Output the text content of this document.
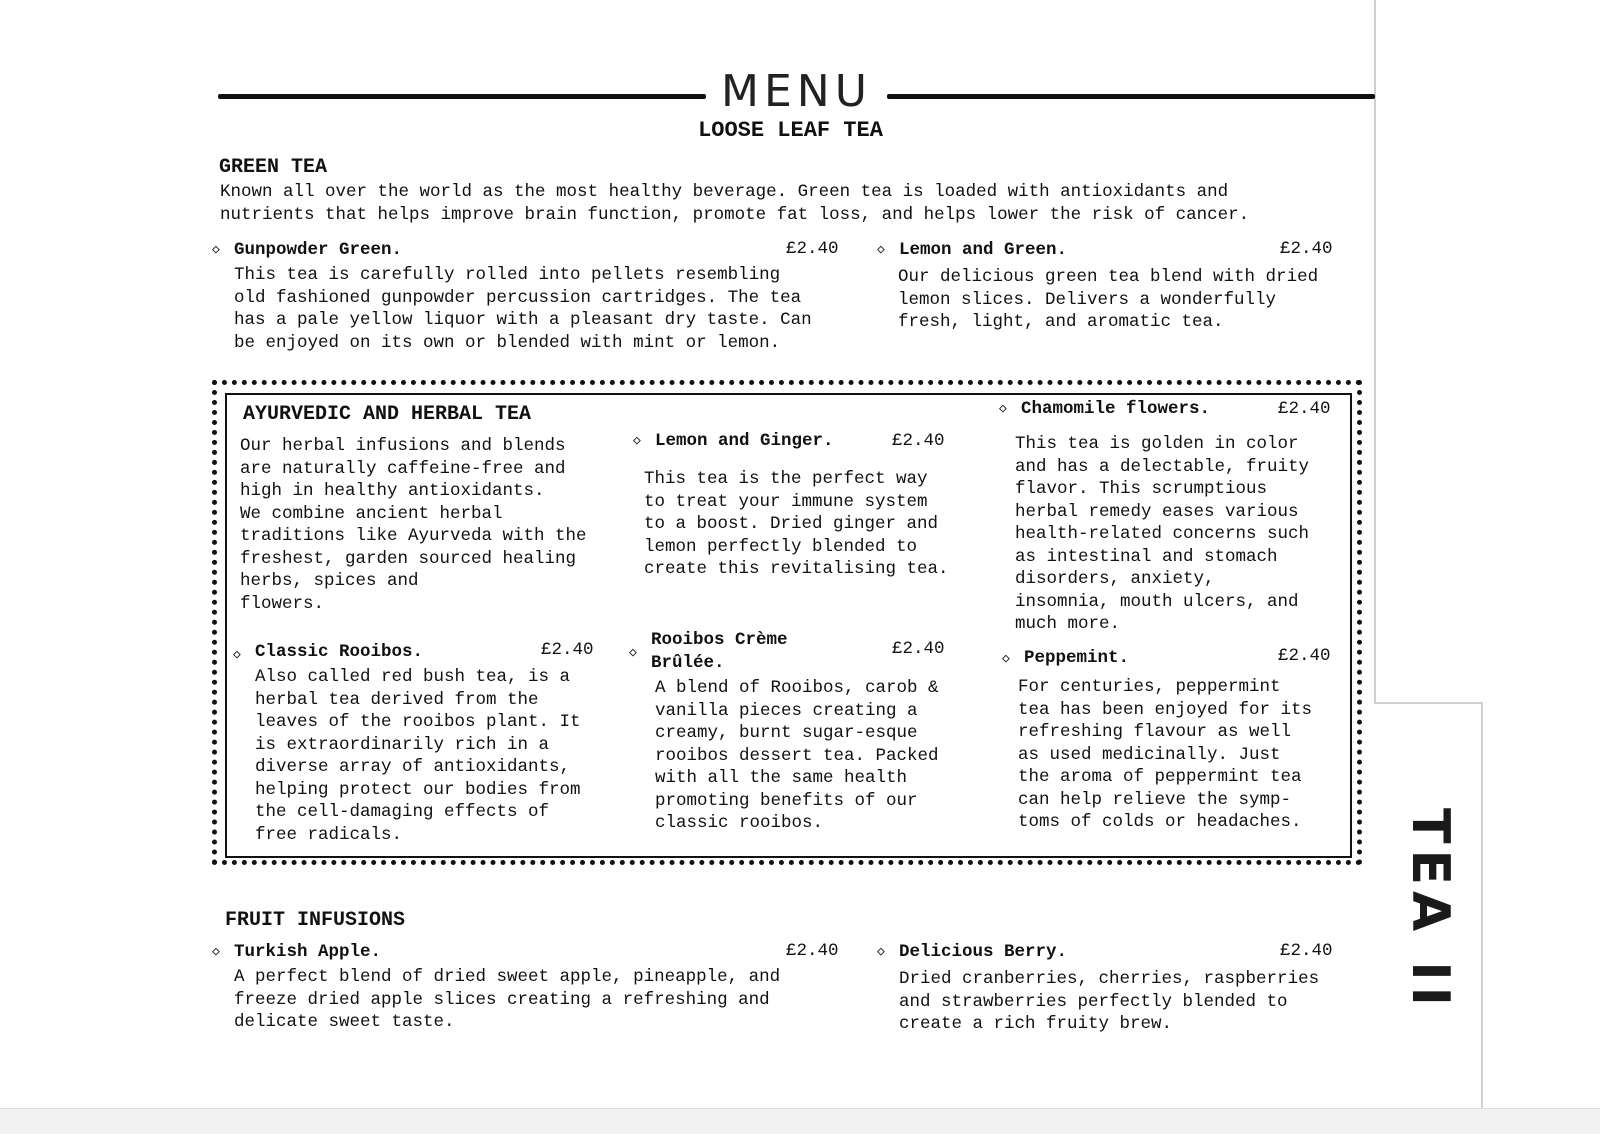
TEA II
MENU
LOOSE LEAF TEA
GREEN TEA
Known all over the world as the most healthy beverage. Green tea is loaded with antioxidants and
nutrients that helps improve brain function, promote fat loss, and helps lower the risk of cancer.
◇ Gunpowder Green.	£2.40
This tea is carefully rolled into pellets resembling
old fashioned gunpowder percussion cartridges. The tea
has a pale yellow liquor with a pleasant dry taste. Can
be enjoyed on its own or blended with mint or lemon.
◇ Lemon and Green.	£2.40
Our delicious green tea blend with dried
lemon slices. Delivers a wonderfully
fresh, light, and aromatic tea.
AYURVEDIC AND HERBAL TEA
Our herbal infusions and blends
are naturally caffeine-free and
high in healthy antioxidants.
We combine ancient herbal
traditions like Ayurveda with the
freshest, garden sourced healing
herbs, spices and
flowers.
◇ Lemon and Ginger.	£2.40
This tea is the perfect way
to treat your immune system
to a boost. Dried ginger and
lemon perfectly blended to
create this revitalising tea.
◇ Chamomile flowers.	£2.40
This tea is golden in color
and has a delectable, fruity
flavor. This scrumptious
herbal remedy eases various
health-related concerns such
as intestinal and stomach
disorders, anxiety,
insomnia, mouth ulcers, and
much more.
◇ Classic Rooibos.	£2.40
Also called red bush tea, is a
herbal tea derived from the
leaves of the rooibos plant. It
is extraordinarily rich in a
diverse array of antioxidants,
helping protect our bodies from
the cell-damaging effects of
free radicals.
◇
Rooibos Crème
Brûlée.
£2.40
A blend of Rooibos, carob &
vanilla pieces creating a
creamy, burnt sugar-esque
rooibos dessert tea. Packed
with all the same health
promoting benefits of our
classic rooibos.
◇ Peppemint.	£2.40
For centuries, peppermint
tea has been enjoyed for its
refreshing flavour as well
as used medicinally. Just
the aroma of peppermint tea
can help relieve the symp-
toms of colds or headaches.
FRUIT INFUSIONS
◇ Turkish Apple.	£2.40
A perfect blend of dried sweet apple, pineapple, and
freeze dried apple slices creating a refreshing and
delicate sweet taste.
◇ Delicious Berry.	£2.40
Dried cranberries, cherries, raspberries
and strawberries perfectly blended to
create a rich fruity brew.
